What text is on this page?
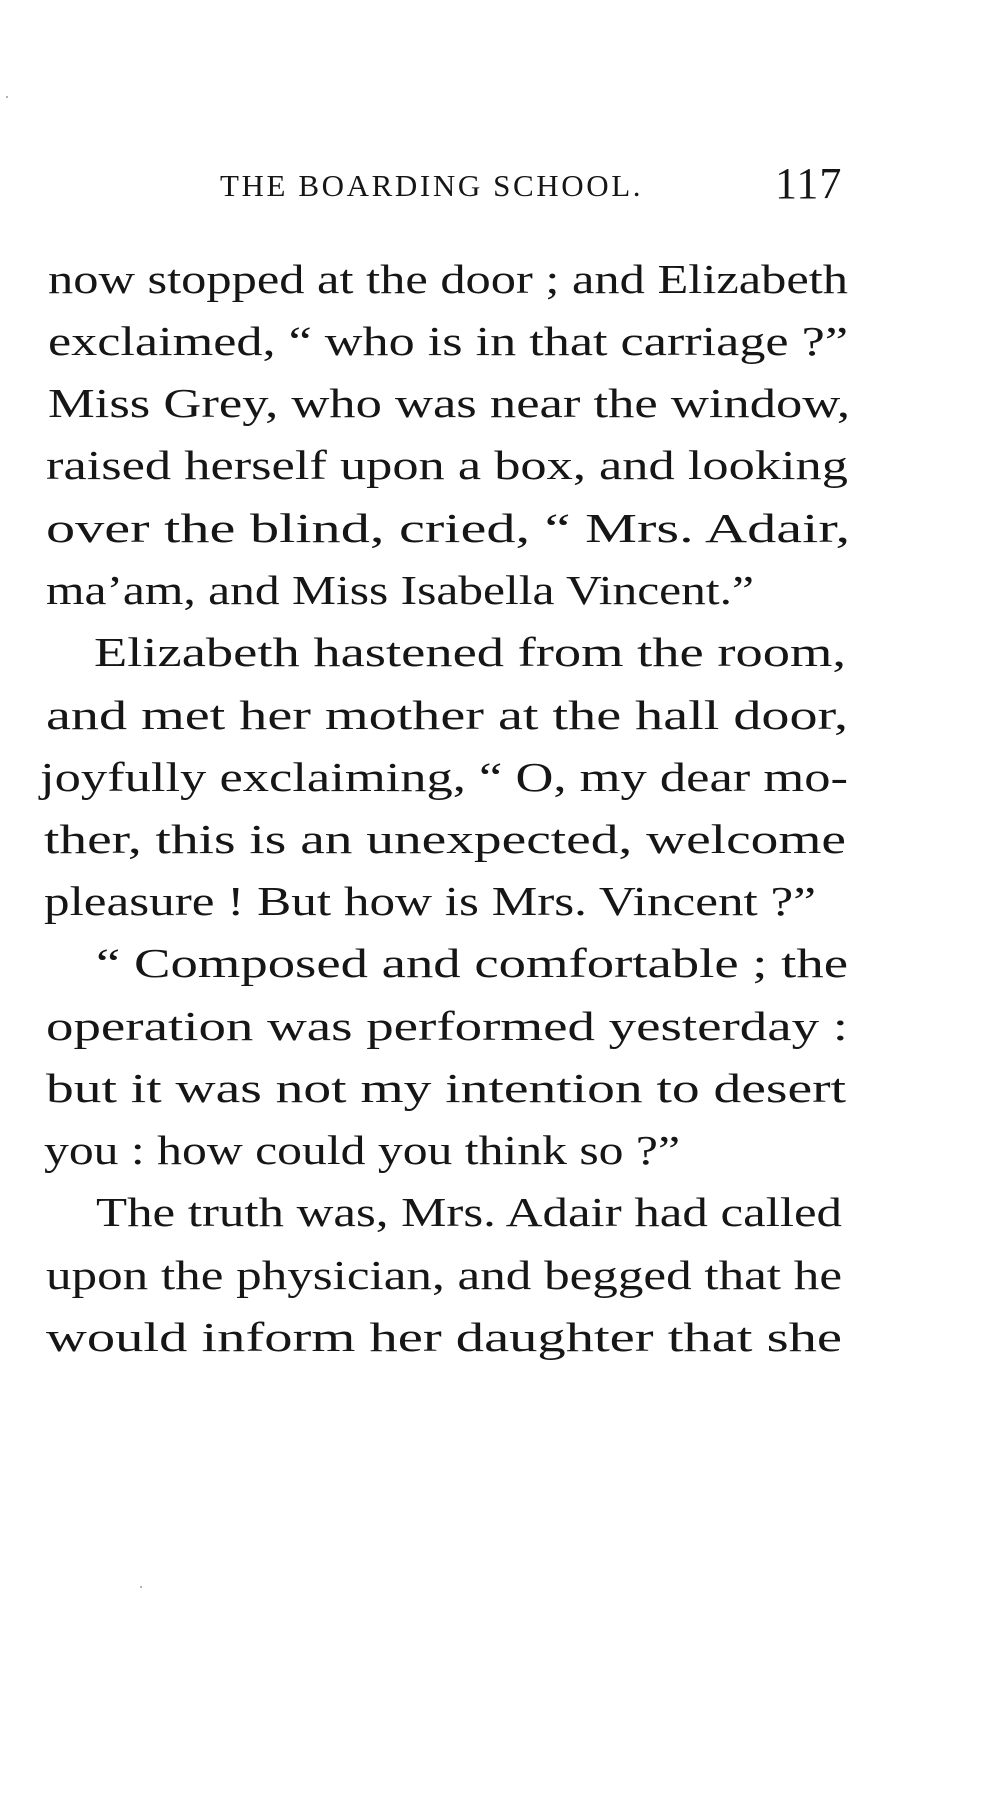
THE BOARDING SCHOOL.	117
now stopped at the door ; and Elizabeth
exclaimed, “ who is in that carriage ?”
Miss Grey, who was near the window,
raised herself upon a box, and looking
over the blind, cried, “ Mrs. Adair,
ma’am, and Miss Isabella Vincent.”
Elizabeth hastened from the room,
and met her mother at the hall door,
joyfully exclaiming, “ O, my dear mo-
ther, this is an unexpected, welcome
pleasure ! But how is Mrs. Vincent ?”
“ Composed and comfortable ; the
operation was performed yesterday :
but it was not my intention to desert
you : how could you think so ?”
The truth was, Mrs. Adair had called
upon the physician, and begged that he
would inform her daughter that she
